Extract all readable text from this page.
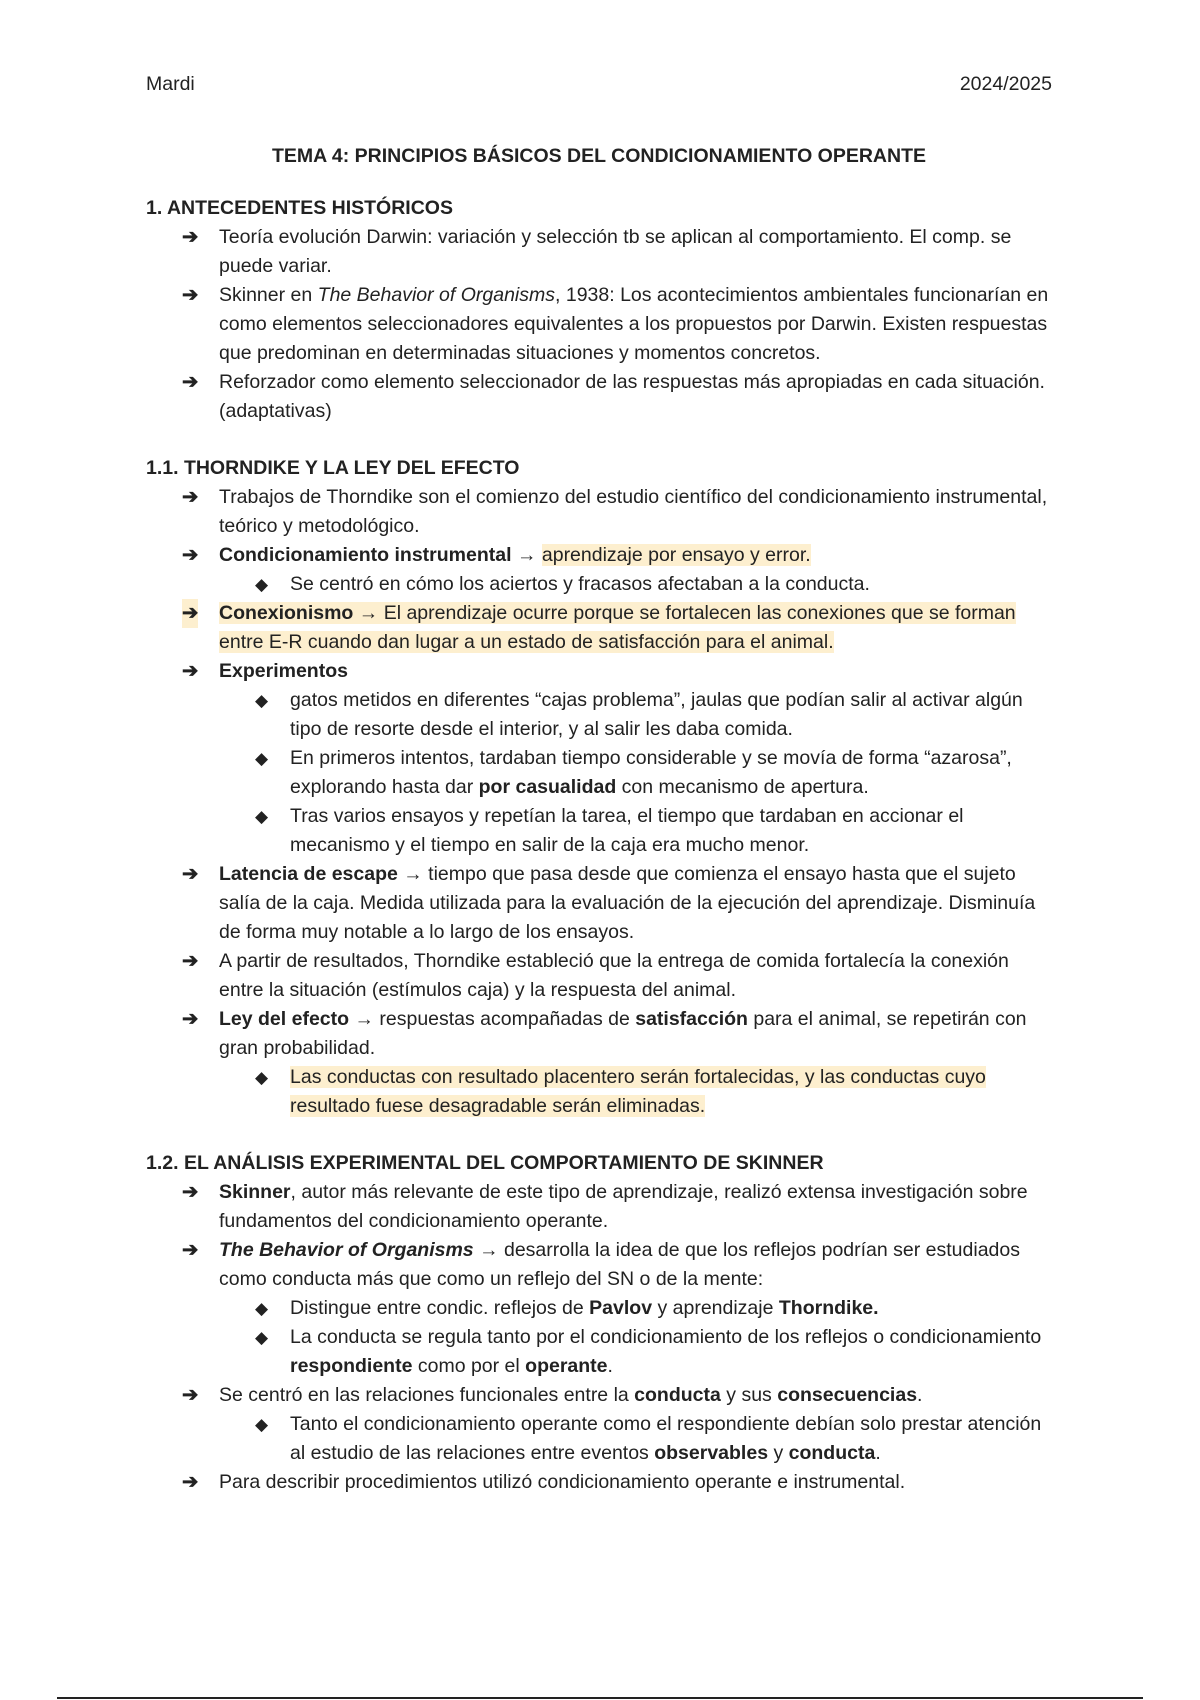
Mardi	2024/2025
TEMA 4: PRINCIPIOS BÁSICOS DEL CONDICIONAMIENTO OPERANTE
1. ANTECEDENTES HISTÓRICOS
➔ Teoría evolución Darwin: variación y selección tb se aplican al comportamiento. El comp. se puede variar.
➔ Skinner en The Behavior of Organisms, 1938: Los acontecimientos ambientales funcionarían en como elementos seleccionadores equivalentes a los propuestos por Darwin. Existen respuestas que predominan en determinadas situaciones y momentos concretos.
➔ Reforzador como elemento seleccionador de las respuestas más apropiadas en cada situación. (adaptativas)
1.1. THORNDIKE Y LA LEY DEL EFECTO
➔ Trabajos de Thorndike son el comienzo del estudio científico del condicionamiento instrumental, teórico y metodológico.
➔ Condicionamiento instrumental → aprendizaje por ensayo y error.
◆ Se centró en cómo los aciertos y fracasos afectaban a la conducta.
➔ Conexionismo → El aprendizaje ocurre porque se fortalecen las conexiones que se forman entre E-R cuando dan lugar a un estado de satisfacción para el animal.
➔ Experimentos
◆ gatos metidos en diferentes “cajas problema”, jaulas que podían salir al activar algún tipo de resorte desde el interior, y al salir les daba comida.
◆ En primeros intentos, tardaban tiempo considerable y se movía de forma “azarosa”, explorando hasta dar por casualidad con mecanismo de apertura.
◆ Tras varios ensayos y repetían la tarea, el tiempo que tardaban en accionar el mecanismo y el tiempo en salir de la caja era mucho menor.
➔ Latencia de escape → tiempo que pasa desde que comienza el ensayo hasta que el sujeto salía de la caja. Medida utilizada para la evaluación de la ejecución del aprendizaje. Disminuía de forma muy notable a lo largo de los ensayos.
➔ A partir de resultados, Thorndike estableció que la entrega de comida fortalecía la conexión entre la situación (estímulos caja) y la respuesta del animal.
➔ Ley del efecto → respuestas acompañadas de satisfacción para el animal, se repetirán con gran probabilidad.
◆ Las conductas con resultado placentero serán fortalecidas, y las conductas cuyo resultado fuese desagradable serán eliminadas.
1.2. EL ANÁLISIS EXPERIMENTAL DEL COMPORTAMIENTO DE SKINNER
➔ Skinner, autor más relevante de este tipo de aprendizaje, realizó extensa investigación sobre fundamentos del condicionamiento operante.
➔ The Behavior of Organisms → desarrolla la idea de que los reflejos podrían ser estudiados como conducta más que como un reflejo del SN o de la mente:
◆ Distingue entre condic. reflejos de Pavlov y aprendizaje Thorndike.
◆ La conducta se regula tanto por el condicionamiento de los reflejos o condicionamiento respondiente como por el operante.
➔ Se centró en las relaciones funcionales entre la conducta y sus consecuencias.
◆ Tanto el condicionamiento operante como el respondiente debían solo prestar atención al estudio de las relaciones entre eventos observables y conducta.
➔ Para describir procedimientos utilizó condicionamiento operante e instrumental.
